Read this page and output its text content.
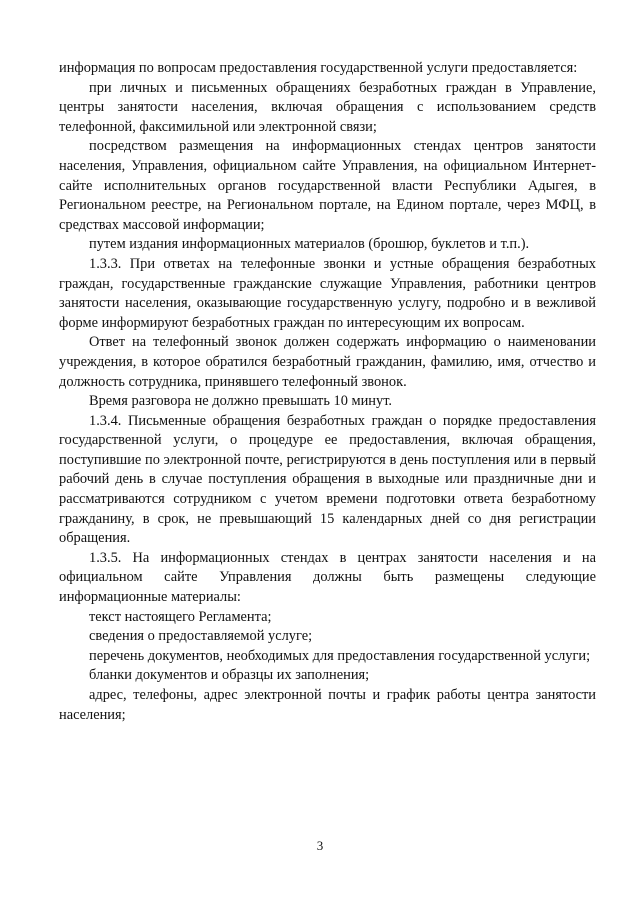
информация по вопросам предоставления государственной услуги предоставляется:

при личных и письменных обращениях безработных граждан в Управление, центры занятости населения, включая обращения с использованием средств телефонной, факсимильной или электронной связи;

посредством размещения на информационных стендах центров занятости населения, Управления, официальном сайте Управления, на официальном Интернет-сайте исполнительных органов государственной власти Республики Адыгея, в Региональном реестре, на Региональном портале, на Едином портале, через МФЦ, в средствах массовой информации;

путем издания информационных материалов (брошюр, буклетов и т.п.).

1.3.3. При ответах на телефонные звонки и устные обращения безработных граждан, государственные гражданские служащие Управления, работники центров занятости населения, оказывающие государственную услугу, подробно и в вежливой форме информируют безработных граждан по интересующим их вопросам.

Ответ на телефонный звонок должен содержать информацию о наименовании учреждения, в которое обратился безработный гражданин, фамилию, имя, отчество и должность сотрудника, принявшего телефонный звонок.

Время разговора не должно превышать 10 минут.

1.3.4. Письменные обращения безработных граждан о порядке предоставления государственной услуги, о процедуре ее предоставления, включая обращения, поступившие по электронной почте, регистрируются в день поступления или в первый рабочий день в случае поступления обращения в выходные или праздничные дни и рассматриваются сотрудником с учетом времени подготовки ответа безработному гражданину, в срок, не превышающий 15 календарных дней со дня регистрации обращения.

1.3.5. На информационных стендах в центрах занятости населения и на официальном сайте Управления должны быть размещены следующие информационные материалы:

текст настоящего Регламента;

сведения о предоставляемой услуге;

перечень документов, необходимых для предоставления государственной услуги;

бланки документов и образцы их заполнения;

адрес, телефоны, адрес электронной почты и график работы центра занятости населения;

3
